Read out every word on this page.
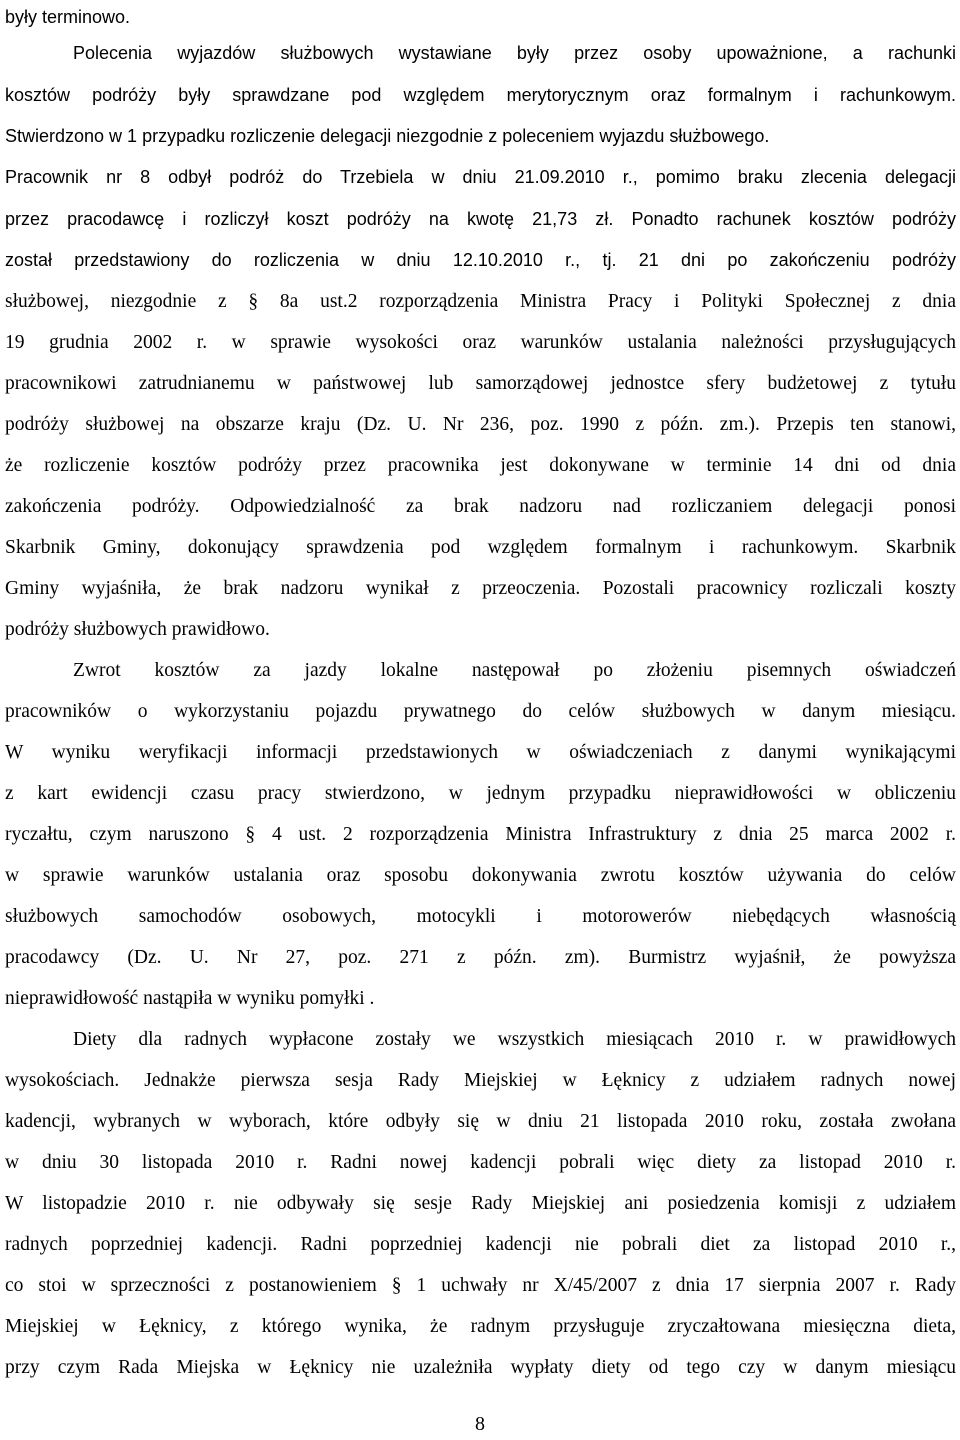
były terminowo.
Polecenia wyjazdów służbowych wystawiane były przez osoby upoważnione, a rachunki
kosztów podróży były sprawdzane pod względem merytorycznym oraz formalnym i rachunkowym.
Stwierdzono w 1 przypadku rozliczenie delegacji niezgodnie z poleceniem wyjazdu służbowego.
Pracownik nr 8 odbył podróż do Trzebiela w dniu 21.09.2010 r., pomimo braku zlecenia delegacji
przez pracodawcę i rozliczył koszt podróży na kwotę 21,73 zł. Ponadto rachunek kosztów podróży
został przedstawiony do rozliczenia w dniu 12.10.2010 r., tj. 21 dni po zakończeniu podróży
służbowej, niezgodnie z § 8a ust.2 rozporządzenia Ministra Pracy i Polityki Społecznej z dnia
19 grudnia 2002 r. w sprawie wysokości oraz warunków ustalania należności przysługujących
pracownikowi zatrudnianemu w państwowej lub samorządowej jednostce sfery budżetowej z tytułu
podróży służbowej na obszarze kraju (Dz. U. Nr 236, poz. 1990 z późn. zm.). Przepis ten stanowi,
że rozliczenie kosztów podróży przez pracownika jest dokonywane w terminie 14 dni od dnia
zakończenia podróży. Odpowiedzialność za brak nadzoru nad rozliczaniem delegacji ponosi
Skarbnik Gminy, dokonujący sprawdzenia pod względem formalnym i rachunkowym. Skarbnik
Gminy wyjaśniła, że brak nadzoru wynikał z przeoczenia. Pozostali pracownicy rozliczali koszty
podróży służbowych prawidłowo.
Zwrot kosztów za jazdy lokalne następował po złożeniu pisemnych oświadczeń
pracowników o wykorzystaniu pojazdu prywatnego do celów służbowych w danym miesiącu.
W wyniku weryfikacji informacji przedstawionych w oświadczeniach z danymi wynikającymi
z kart ewidencji czasu pracy stwierdzono, w jednym przypadku nieprawidłowości w obliczeniu
ryczałtu, czym naruszono § 4 ust. 2 rozporządzenia Ministra Infrastruktury z dnia 25 marca 2002 r.
w sprawie warunków ustalania oraz sposobu dokonywania zwrotu kosztów używania do celów
służbowych samochodów osobowych, motocykli i motorowerów niebędących własnością
pracodawcy (Dz. U. Nr 27, poz. 271 z późn. zm). Burmistrz wyjaśnił, że powyższa
nieprawidłowość nastąpiła w wyniku pomyłki .
Diety dla radnych wypłacone zostały we wszystkich miesiącach 2010 r. w prawidłowych
wysokościach. Jednakże pierwsza sesja Rady Miejskiej w Łęknicy z udziałem radnych nowej
kadencji, wybranych w wyborach, które odbyły się w dniu 21 listopada 2010 roku, została zwołana
w dniu 30 listopada 2010 r. Radni nowej kadencji pobrali więc diety za listopad 2010 r.
W listopadzie 2010 r. nie odbywały się sesje Rady Miejskiej ani posiedzenia komisji z udziałem
radnych poprzedniej kadencji. Radni poprzedniej kadencji nie pobrali diet za listopad 2010 r.,
co stoi w sprzeczności z postanowieniem § 1 uchwały nr X/45/2007 z dnia 17 sierpnia 2007 r. Rady
Miejskiej w Łęknicy, z którego wynika, że radnym przysługuje zryczałtowana miesięczna dieta,
przy czym Rada Miejska w Łęknicy nie uzależniła wypłaty diety od tego czy w danym miesiącu
8
